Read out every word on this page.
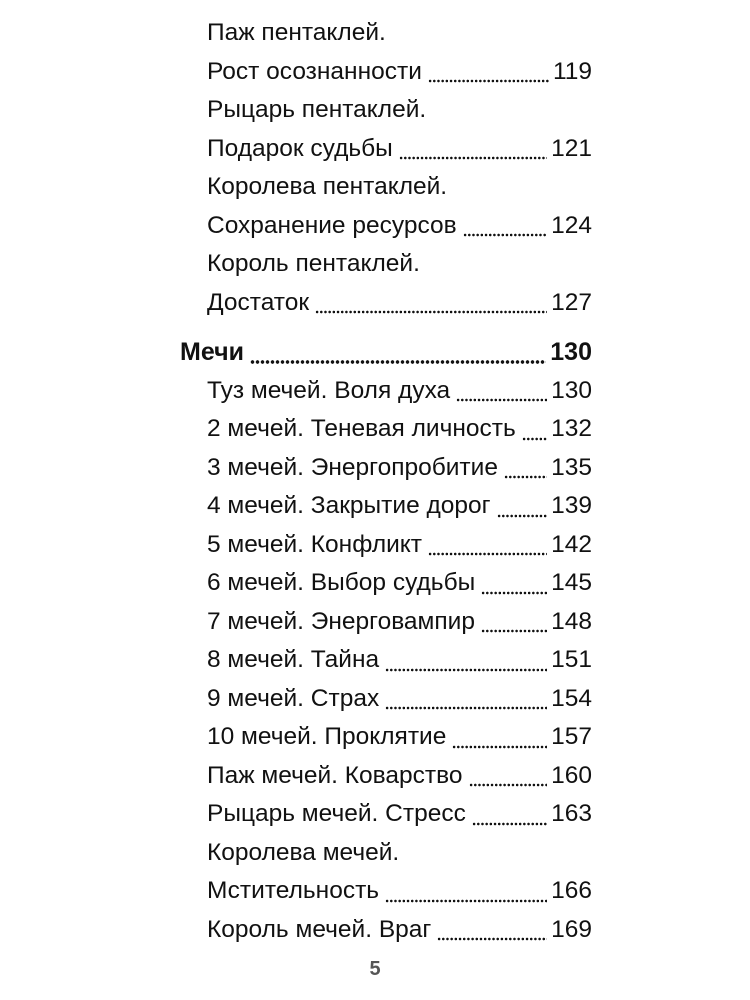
Паж пентаклей.
Рост осознанности	119
Рыцарь пентаклей.
Подарок судьбы	121
Королева пентаклей.
Сохранение ресурсов	124
Король пентаклей.
Достаток	127
Мечи	130
Туз мечей. Воля духа	130
2 мечей. Теневая личность 132
3 мечей. Энергопробитие 135
4 мечей. Закрытие дорог 139
5 мечей. Конфликт	142
6 мечей. Выбор судьбы	145
7 мечей. Энерговампир	148
8 мечей. Тайна	151
9 мечей. Страх	154
10 мечей. Проклятие	157
Паж мечей. Коварство	160
Рыцарь мечей. Стресс	163
Королева мечей.
Мстительность	166
Король мечей. Враг	169
5
